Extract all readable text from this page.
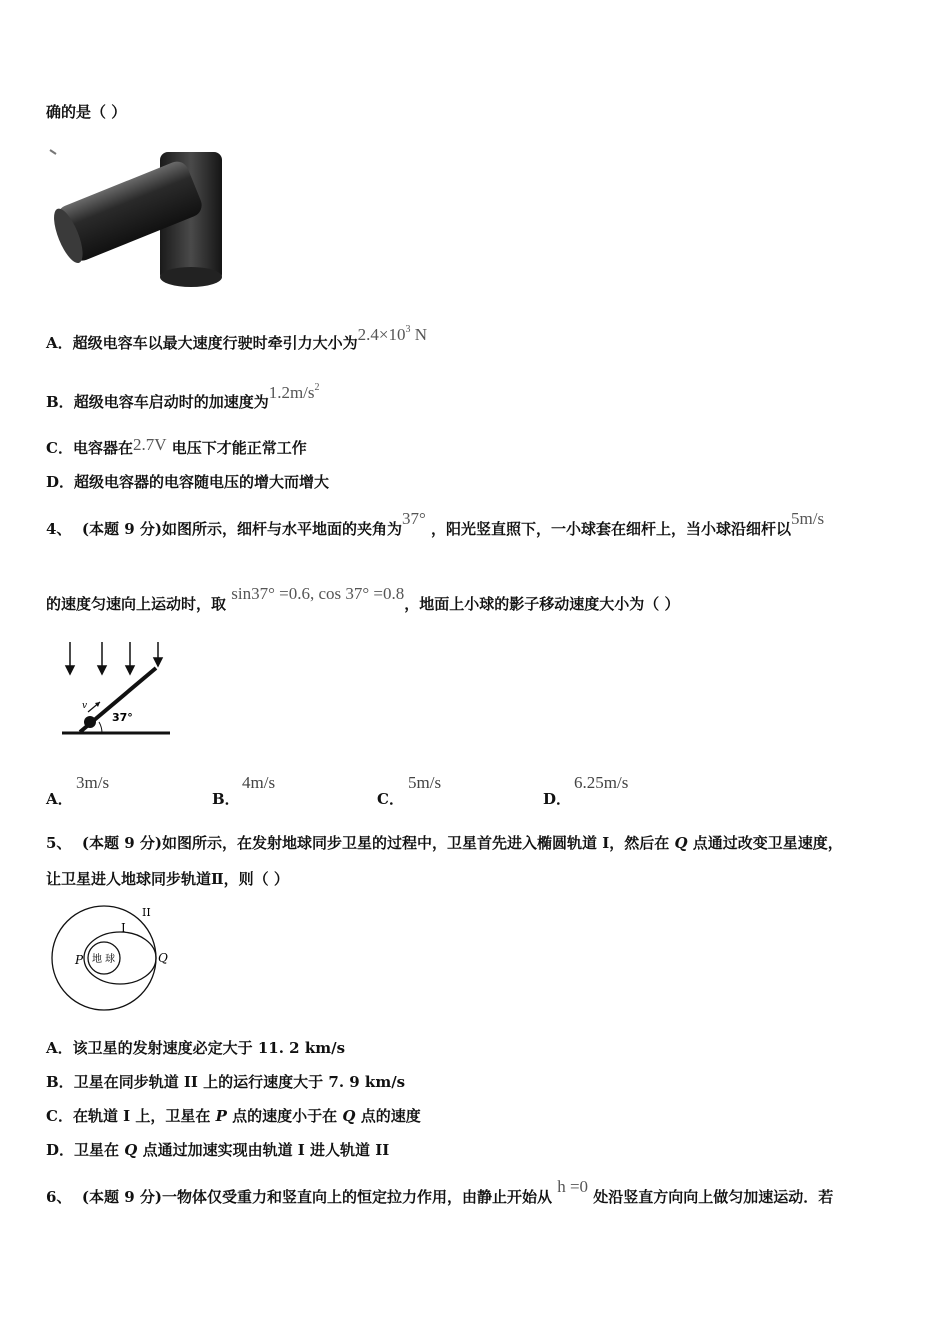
确的是（ ）
A．超级电容车以最大速度行驶时牵引力大小为$2.4\times 10^3$ N
B．超级电容车启动时的加速度为$1.2m/s^2$
C．电容器在2.7V 电压下才能正常工作
D．超级电容器的电容随电压的增大而增大
4、 (本题 9 分)如图所示，细杆与水平地面的夹角为37° ，阳光竖直照下，一小球套在细杆上，当小球沿细杆以5m/s
的速度匀速向上运动时，取 sin37° =0.6, cos 37° =0.8，地面上小球的影子移动速度大小为（ ）
v
37°
A．
3m/s
B．
4m/s
C．
5m/s
D．
6.25m/s
5、 (本题 9 分)如图所示，在发射地球同步卫星的过程中，卫星首先进入椭圆轨道 I，然后在 Q 点通过改变卫星速度，
让卫星进人地球同步轨道Ⅱ，则（ ）
地 球
I
II
P	Q
A．该卫星的发射速度必定大于 11. 2 km/s
B．卫星在同步轨道 II 上的运行速度大于 7. 9 km/s
C．在轨道 I 上，卫星在 P 点的速度小于在 Q 点的速度
D．卫星在 Q 点通过加速实现由轨道 I 进人轨道 II
6、 (本题 9 分)一物体仅受重力和竖直向上的恒定拉力作用，由静止开始从 h =0 处沿竖直方向向上做匀加速运动．若
